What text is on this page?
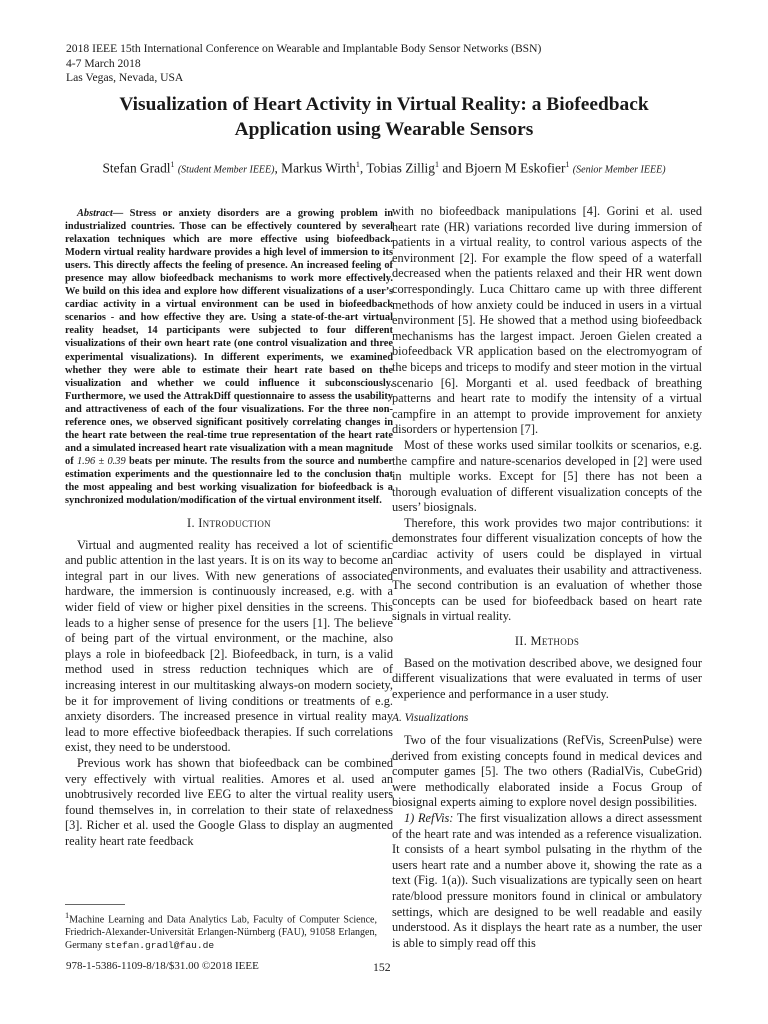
2018 IEEE 15th International Conference on Wearable and Implantable Body Sensor Networks (BSN)
4-7 March 2018
Las Vegas, Nevada, USA
Visualization of Heart Activity in Virtual Reality: a Biofeedback
Application using Wearable Sensors
Stefan Gradl$^1$ (Student Member IEEE), Markus Wirth$^1$, Tobias Zillig$^1$ and Bjoern M Eskofier$^1$ (Senior Member IEEE)

Abstract— Stress or anxiety disorders are a growing problem in industrialized countries. Those can be effectively countered by several relaxation techniques which are more effective using biofeedback. Modern virtual reality hardware provides a high level of immersion to its users. This directly affects the feeling of presence. An increased feeling of presence may allow biofeedback mechanisms to work more effectively. We build on this idea and explore how different visualizations of a user’s cardiac activity in a virtual environment can be used in biofeedback scenarios - and how effective they are. Using a state-of-the-art virtual reality headset, 14 participants were subjected to four different visualizations of their own heart rate (one control visualization and three experimental visualizations). In different experiments, we examined whether they were able to estimate their heart rate based on the visualization and whether we could influence it subconsciously. Furthermore, we used the AttrakDiff questionnaire to assess the usability and attractiveness of each of the four visualizations. For the three non-reference ones, we observed significant positively correlating changes in the heart rate between the real-time true representation of the heart rate and a simulated increased heart rate visualization with a mean magnitude of 1.96 ± 0.39 beats per minute. The results from the source and number estimation experiments and the questionnaire led to the conclusion that the most appealing and best working visualization for biofeedback is a synchronized modulation/modification of the virtual environment itself.

I. Introduction

Virtual and augmented reality has received a lot of scientific and public attention in the last years. It is on its way to become an integral part in our lives. With new generations of associated hardware, the immersion is continuously increased, e.g. with a wider field of view or higher pixel densities in the screens. This leads to a higher sense of presence for the users [1]. The believe of being part of the virtual environment, or the machine, also plays a role in biofeedback [2]. Biofeedback, in turn, is a valid method used in stress reduction techniques which are of increasing interest in our multitasking always-on modern society, be it for improvement of living conditions or treatments of e.g. anxiety disorders. The increased presence in virtual reality may lead to more effective biofeedback therapies. If such correlations exist, they need to be understood.

Previous work has shown that biofeedback can be combined very effectively with virtual realities. Amores et al. used an unobtrusively recorded live EEG to alter the virtual reality users found themselves in, in correlation to their state of relaxedness [3]. Richer et al. used the Google Glass to display an augmented reality heart rate feedback

with no biofeedback manipulations [4]. Gorini et al. used heart rate (HR) variations recorded live during immersion of patients in a virtual reality, to control various aspects of the environment [2]. For example the flow speed of a waterfall decreased when the patients relaxed and their HR went down correspondingly. Luca Chittaro came up with three different methods of how anxiety could be induced in users in a virtual environment [5]. He showed that a method using biofeedback mechanisms has the largest impact. Jeroen Gielen created a biofeedback VR application based on the electromyogram of the biceps and triceps to modify and steer motion in the virtual scenario [6]. Morganti et al. used feedback of breathing patterns and heart rate to modify the intensity of a virtual campfire in an attempt to provide improvement for anxiety disorders or hypertension [7].

Most of these works used similar toolkits or scenarios, e.g. the campfire and nature-scenarios developed in [2] were used in multiple works. Except for [5] there has not been a thorough evaluation of different visualization concepts of the users’ biosignals.

Therefore, this work provides two major contributions: it demonstrates four different visualization concepts of how the cardiac activity of users could be displayed in virtual environments, and evaluates their usability and attractiveness. The second contribution is an evaluation of whether those concepts can be used for biofeedback based on heart rate signals in virtual reality.

II. Methods

Based on the motivation described above, we designed four different visualizations that were evaluated in terms of user experience and performance in a user study.

A. Visualizations

Two of the four visualizations (RefVis, ScreenPulse) were derived from existing concepts found in medical devices and computer games [5]. The two others (RadialVis, CubeGrid) were methodically elaborated inside a Focus Group of biosignal experts aiming to explore novel design possibilities.

1) RefVis: The first visualization allows a direct assessment of the heart rate and was intended as a reference visualization. It consists of a heart symbol pulsating in the rhythm of the users heart rate and a number above it, showing the rate as a text (Fig. 1(a)). Such visualizations are typically seen on heart rate/blood pressure monitors found in clinical or ambulatory settings, which are designed to be well readable and easily understood. As it displays the heart rate as a number, the user is able to simply read off this

$^1$Machine Learning and Data Analytics Lab, Faculty of Computer Science, Friedrich-Alexander-Universität Erlangen-Nürnberg (FAU), 91058 Erlangen, Germany stefan.gradl@fau.de
978-1-5386-1109-8/18/$31.00 ©2018 IEEE	152
